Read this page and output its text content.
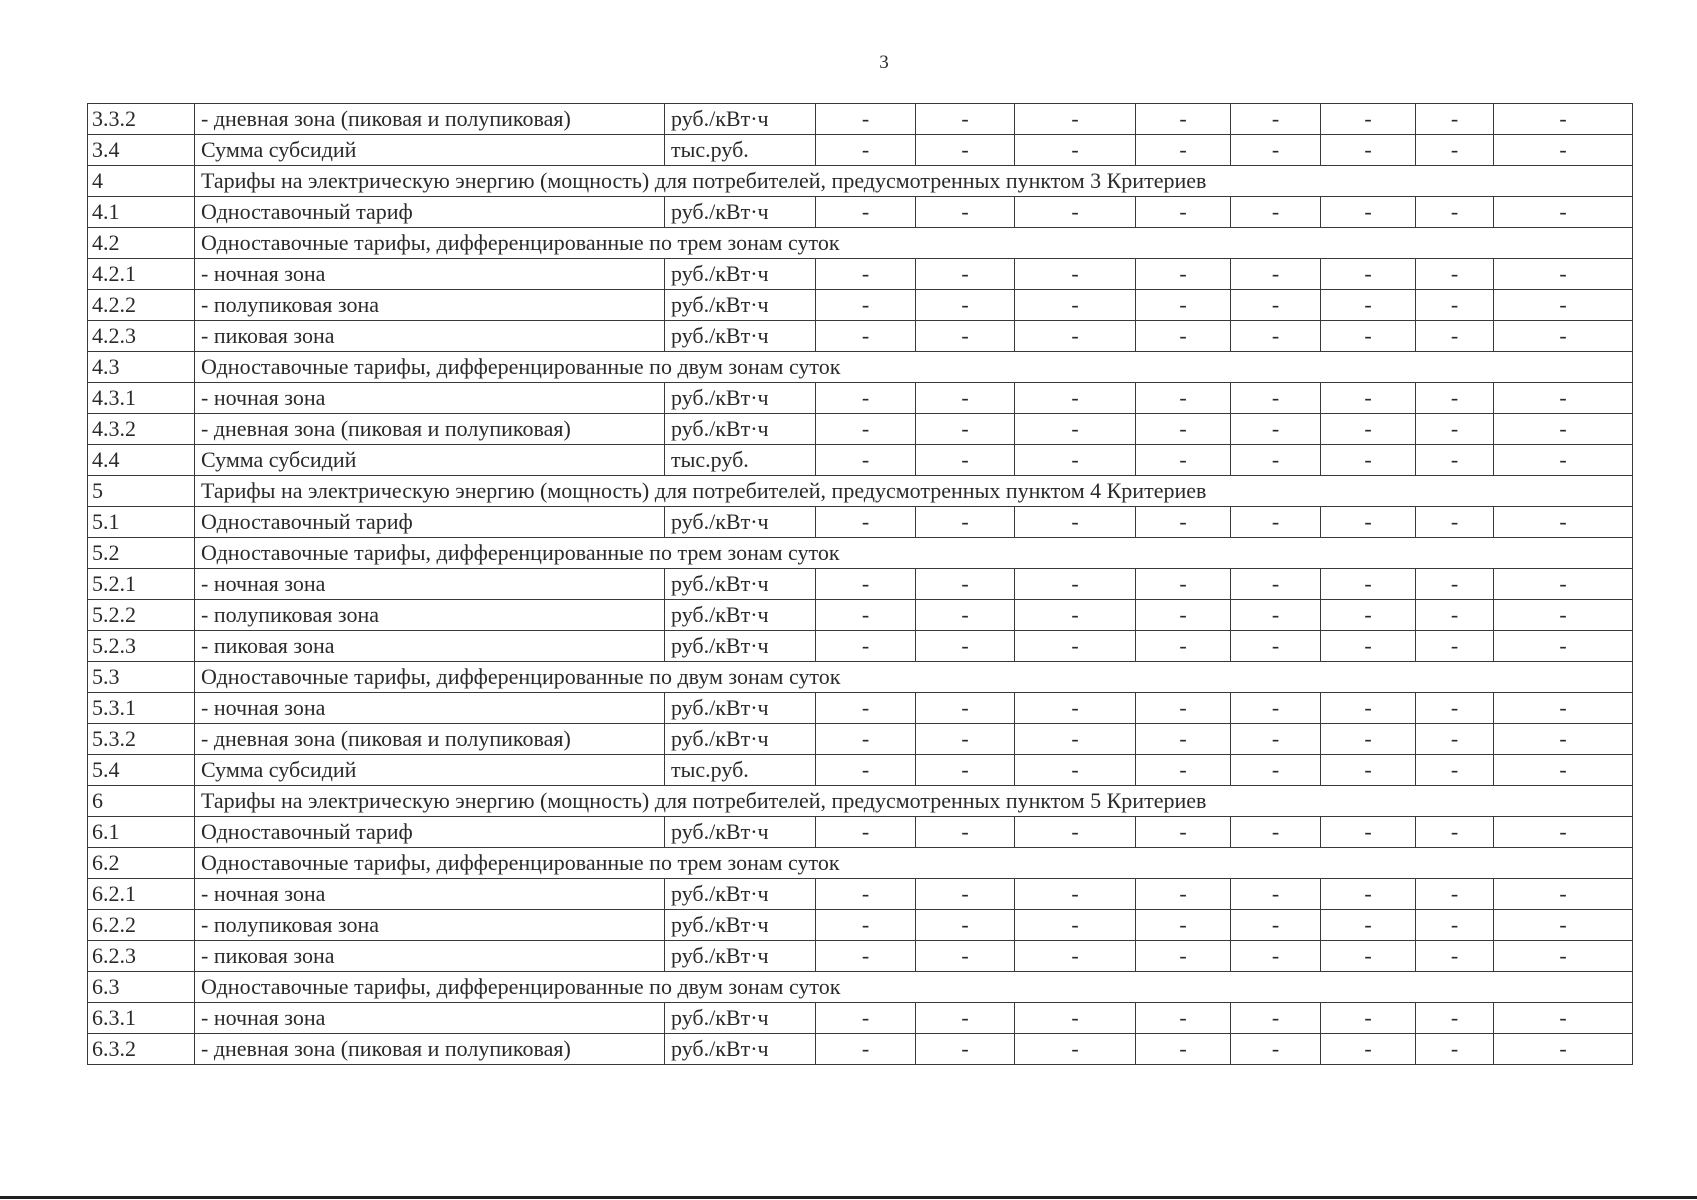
3
3.3.2	- дневная зона (пиковая и полупиковая)	руб./кВт·ч	-	-	-	-	-	-	-	-
3.4	Сумма субсидий	тыс.руб.	-	-	-	-	-	-	-	-
4	Тарифы на электрическую энергию (мощность) для потребителей, предусмотренных пунктом 3 Критериев									
4.1	Одноставочный тариф	руб./кВт·ч	-	-	-	-	-	-	-	-
4.2	Одноставочные тарифы, дифференцированные по трем зонам суток									
4.2.1	- ночная зона	руб./кВт·ч	-	-	-	-	-	-	-	-
4.2.2	- полупиковая зона	руб./кВт·ч	-	-	-	-	-	-	-	-
4.2.3	- пиковая зона	руб./кВт·ч	-	-	-	-	-	-	-	-
4.3	Одноставочные тарифы, дифференцированные по двум зонам суток									
4.3.1	- ночная зона	руб./кВт·ч	-	-	-	-	-	-	-	-
4.3.2	- дневная зона (пиковая и полупиковая)	руб./кВт·ч	-	-	-	-	-	-	-	-
4.4	Сумма субсидий	тыс.руб.	-	-	-	-	-	-	-	-
5	Тарифы на электрическую энергию (мощность) для потребителей, предусмотренных пунктом 4 Критериев									
5.1	Одноставочный тариф	руб./кВт·ч	-	-	-	-	-	-	-	-
5.2	Одноставочные тарифы, дифференцированные по трем зонам суток									
5.2.1	- ночная зона	руб./кВт·ч	-	-	-	-	-	-	-	-
5.2.2	- полупиковая зона	руб./кВт·ч	-	-	-	-	-	-	-	-
5.2.3	- пиковая зона	руб./кВт·ч	-	-	-	-	-	-	-	-
5.3	Одноставочные тарифы, дифференцированные по двум зонам суток									
5.3.1	- ночная зона	руб./кВт·ч	-	-	-	-	-	-	-	-
5.3.2	- дневная зона (пиковая и полупиковая)	руб./кВт·ч	-	-	-	-	-	-	-	-
5.4	Сумма субсидий	тыс.руб.	-	-	-	-	-	-	-	-
6	Тарифы на электрическую энергию (мощность) для потребителей, предусмотренных пунктом 5 Критериев									
6.1	Одноставочный тариф	руб./кВт·ч	-	-	-	-	-	-	-	-
6.2	Одноставочные тарифы, дифференцированные по трем зонам суток									
6.2.1	- ночная зона	руб./кВт·ч	-	-	-	-	-	-	-	-
6.2.2	- полупиковая зона	руб./кВт·ч	-	-	-	-	-	-	-	-
6.2.3	- пиковая зона	руб./кВт·ч	-	-	-	-	-	-	-	-
6.3	Одноставочные тарифы, дифференцированные по двум зонам суток									
6.3.1	- ночная зона	руб./кВт·ч	-	-	-	-	-	-	-	-
6.3.2	- дневная зона (пиковая и полупиковая)	руб./кВт·ч	-	-	-	-	-	-	-	-
